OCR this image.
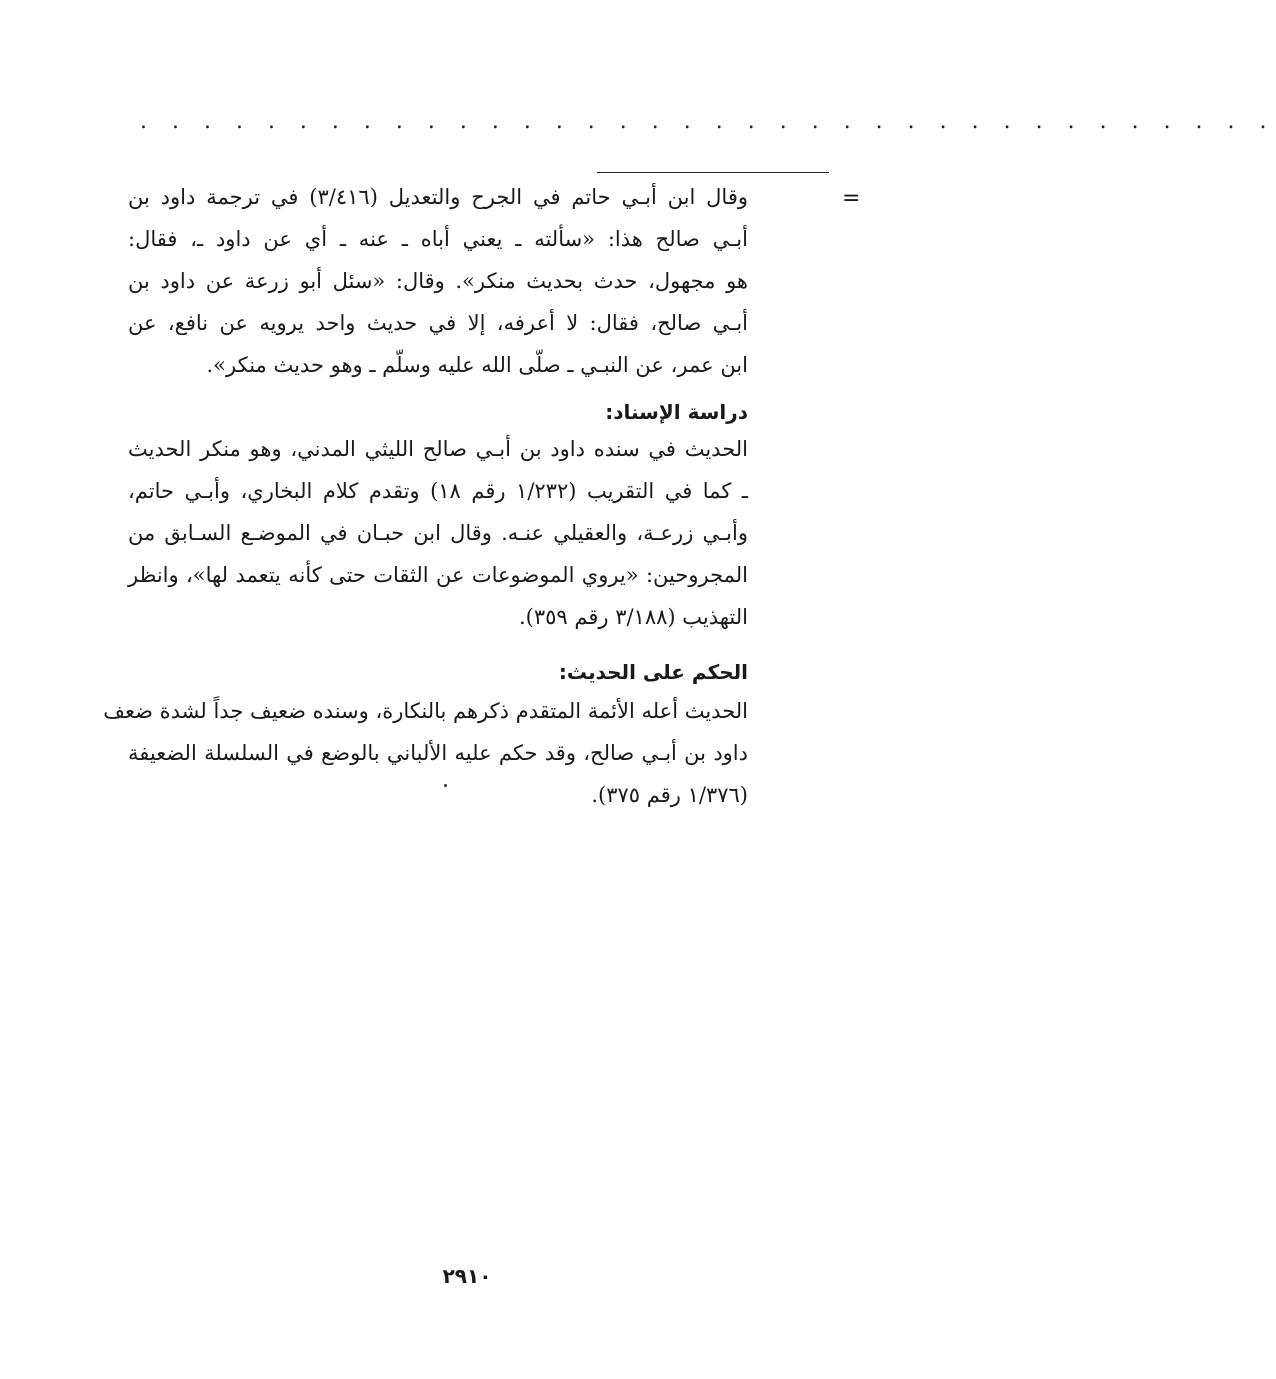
. . . . . . . . . . . . . . . . . . . . . . . . . . . . . . . . . . . .
=
وقال ابن أبـي حاتم في الجرح والتعديل (٣/٤١٦) في ترجمة داود بن
أبـي صالح هذا: «سألته ـ يعني أباه ـ عنه ـ أي عن داود ـ، فقال:
هو مجهول، حدث بحديث منكر». وقال: «سئل أبو زرعة عن داود بن
أبـي صالح، فقال: لا أعرفه، إلا في حديث واحد يرويه عن نافع، عن
ابن عمر، عن النبـي ـ صلّى الله عليه وسلّم ـ وهو حديث منكر».
دراسة الإسناد:
الحديث في سنده داود بن أبـي صالح الليثي المدني، وهو منكر الحديث
ـ كما في التقريب (١/٢٣٢ رقم ١٨) وتقدم كلام البخاري، وأبـي حاتم،
وأبـي زرعـة، والعقيلي عنـه. وقال ابن حبـان في الموضـع السـابق من
المجروحين: «يروي الموضوعات عن الثقات حتى كأنه يتعمد لها»، وانظر
التهذيب (٣/١٨٨ رقم ٣٥٩).
الحكم على الحديث:
الحديث أعله الأئمة المتقدم ذكرهم بالنكارة، وسنده ضعيف جداً لشدة ضعف
داود بن أبـي صالح، وقد حكم عليه الألباني بالوضع في السلسلة الضعيفة
(١/٣٧٦ رقم ٣٧٥).
٢٩١٠
